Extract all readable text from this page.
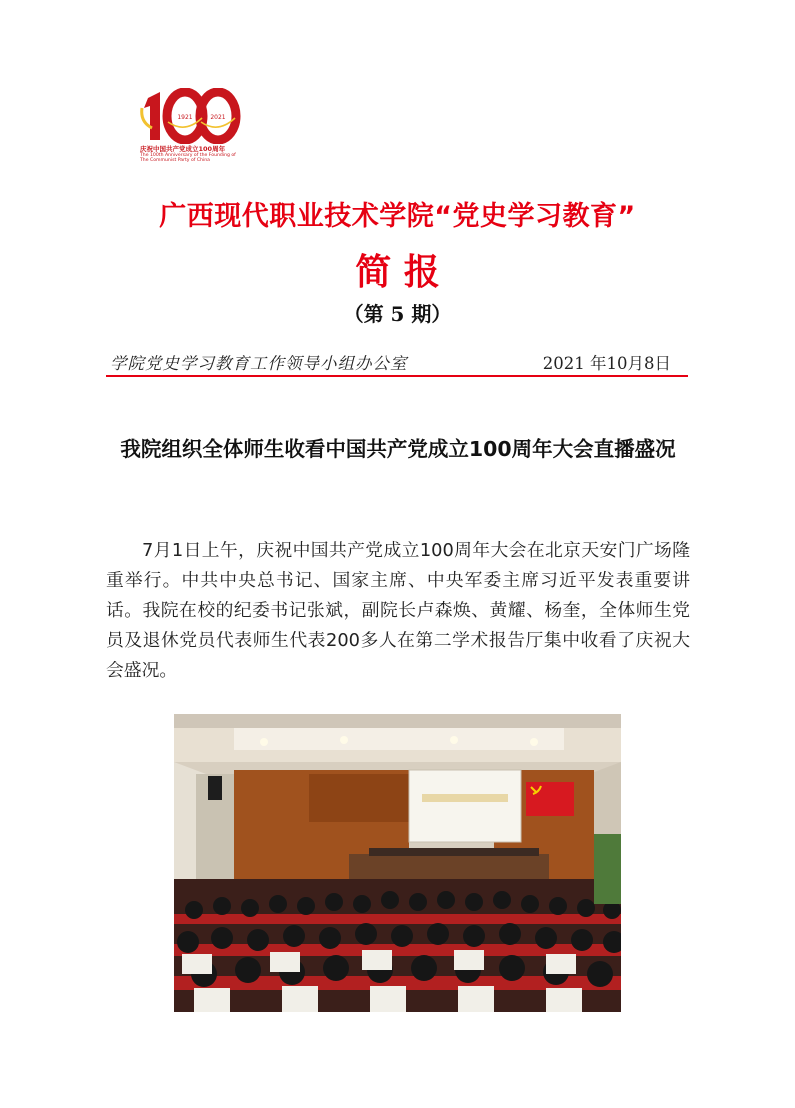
1921	2021
庆祝中国共产党成立100周年
The 100th Anniversary of the Founding of The Communist Party of China
广西现代职业技术学院“党史学习教育”
简 报
（第 5 期）
学院党史学习教育工作领导小组办公室	2021 年10月8日
我院组织全体师生收看中国共产党成立100周年大会直播盛况

7月1日上午，庆祝中国共产党成立100周年大会在北京天安门广场隆重举行。中共中央总书记、国家主席、中央军委主席习近平发表重要讲话。我院在校的纪委书记张斌，副院长卢森焕、黄耀、杨奎，全体师生党员及退休党员代表师生代表200多人在第二学术报告厅集中收看了庆祝大会盛况。
